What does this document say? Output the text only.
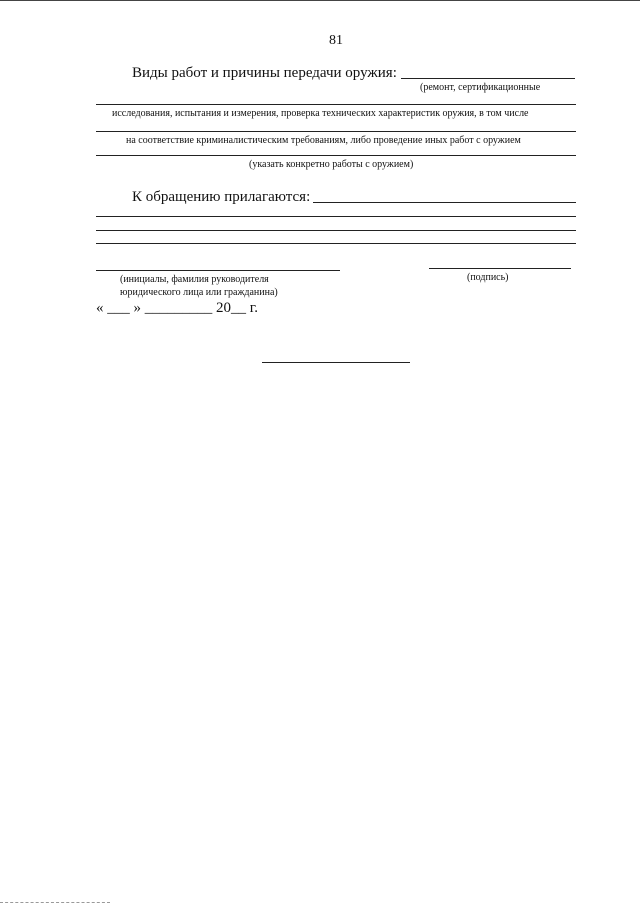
81
Виды работ и причины передачи оружия:
(ремонт, сертификационные
исследования, испытания и измерения, проверка технических характеристик оружия, в том числе
на соответствие криминалистическим требованиям, либо проведение иных работ с оружием
(указать конкретно работы с оружием)
К обращению прилагаются:
(инициалы, фамилия руководителя
юридического лица или гражданина)
(подпись)
« ___ » _________ 20__ г.
